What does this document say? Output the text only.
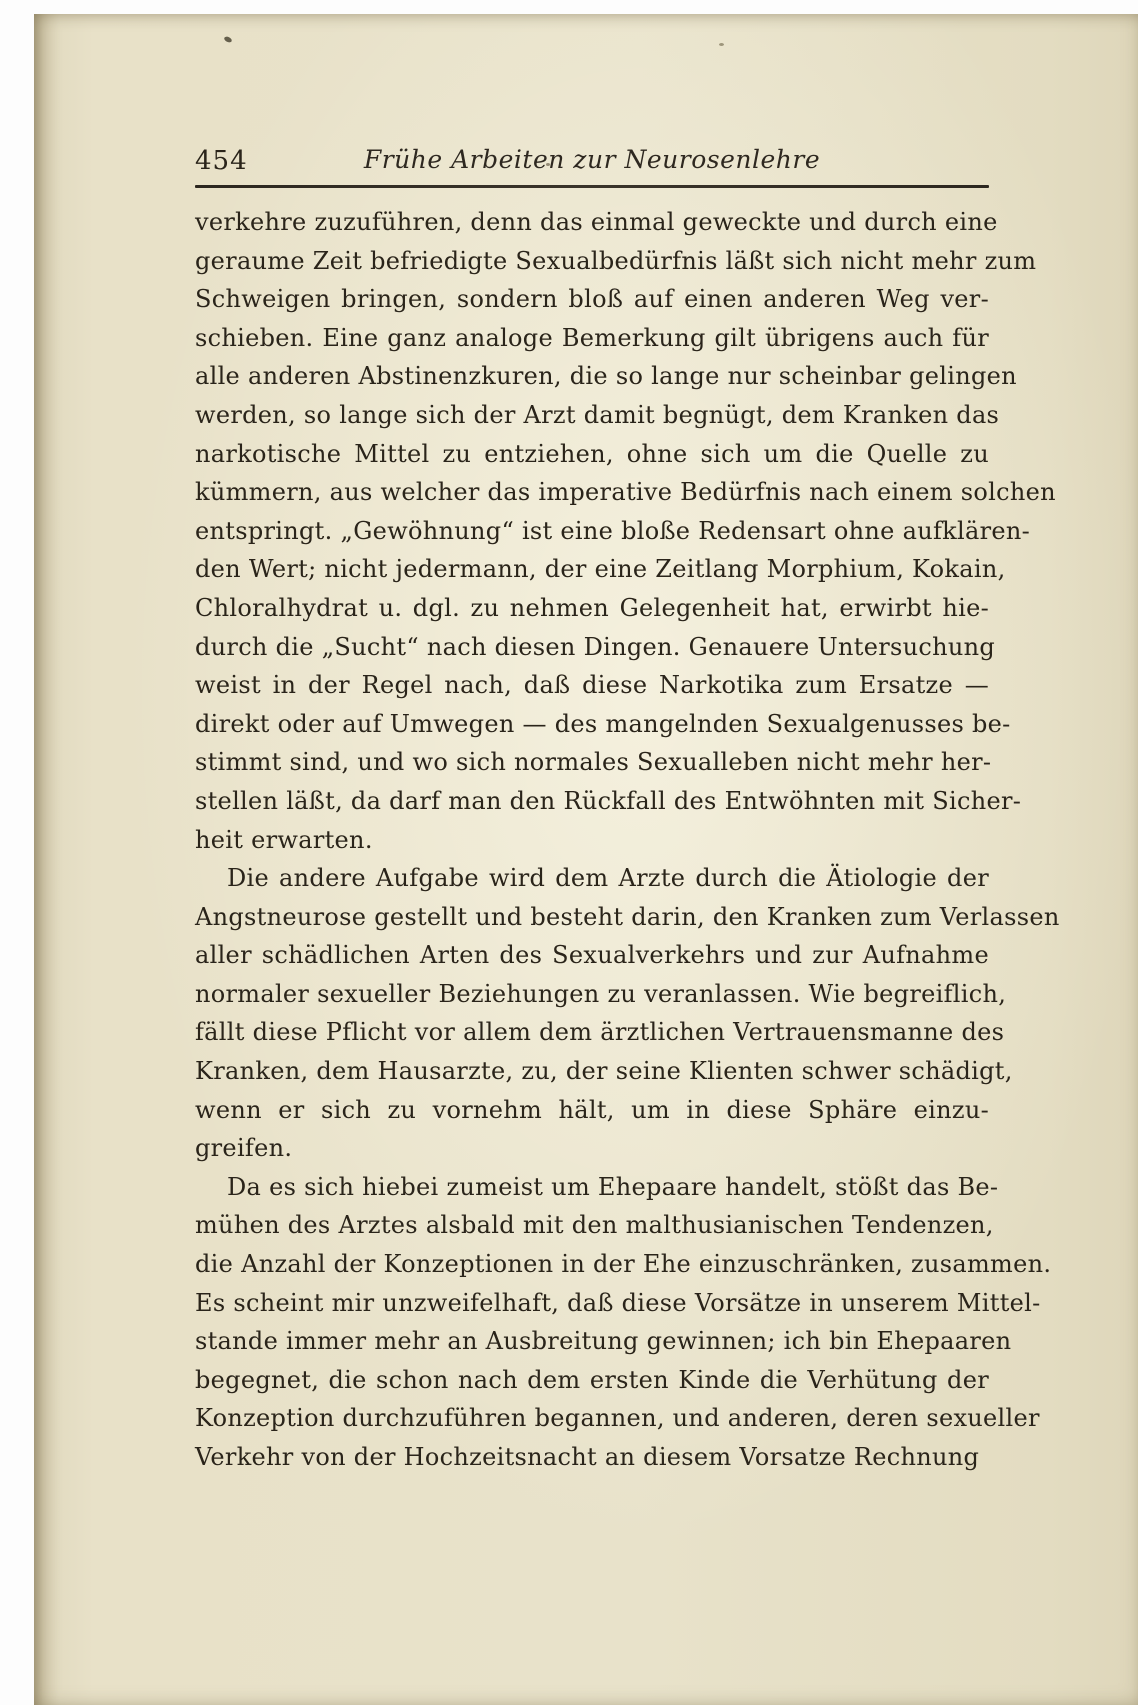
454	Frühe Arbeiten zur Neurosenlehre
verkehre zuzuführen, denn das einmal geweckte und durch eine
geraume Zeit befriedigte Sexualbedürfnis läßt sich nicht mehr zum
Schweigen bringen, sondern bloß auf einen anderen Weg ver-
schieben. Eine ganz analoge Bemerkung gilt übrigens auch für
alle anderen Abstinenzkuren, die so lange nur scheinbar gelingen
werden, so lange sich der Arzt damit begnügt, dem Kranken das
narkotische Mittel zu entziehen, ohne sich um die Quelle zu
kümmern, aus welcher das imperative Bedürfnis nach einem solchen
entspringt. „Gewöhnung“ ist eine bloße Redensart ohne aufklären-
den Wert; nicht jedermann, der eine Zeitlang Morphium, Kokain,
Chloralhydrat u. dgl. zu nehmen Gelegenheit hat, erwirbt hie-
durch die „Sucht“ nach diesen Dingen. Genauere Untersuchung
weist in der Regel nach, daß diese Narkotika zum Ersatze —
direkt oder auf Umwegen — des mangelnden Sexualgenusses be-
stimmt sind, und wo sich normales Sexualleben nicht mehr her-
stellen läßt, da darf man den Rückfall des Entwöhnten mit Sicher-
heit erwarten.
Die andere Aufgabe wird dem Arzte durch die Ätiologie der
Angstneurose gestellt und besteht darin, den Kranken zum Verlassen
aller schädlichen Arten des Sexualverkehrs und zur Aufnahme
normaler sexueller Beziehungen zu veranlassen. Wie begreiflich,
fällt diese Pflicht vor allem dem ärztlichen Vertrauensmanne des
Kranken, dem Hausarzte, zu, der seine Klienten schwer schädigt,
wenn er sich zu vornehm hält, um in diese Sphäre einzu-
greifen.
Da es sich hiebei zumeist um Ehepaare handelt, stößt das Be-
mühen des Arztes alsbald mit den malthusianischen Tendenzen,
die Anzahl der Konzeptionen in der Ehe einzuschränken, zusammen.
Es scheint mir unzweifelhaft, daß diese Vorsätze in unserem Mittel-
stande immer mehr an Ausbreitung gewinnen; ich bin Ehepaaren
begegnet, die schon nach dem ersten Kinde die Verhütung der
Konzeption durchzuführen begannen, und anderen, deren sexueller
Verkehr von der Hochzeitsnacht an diesem Vorsatze Rechnung
